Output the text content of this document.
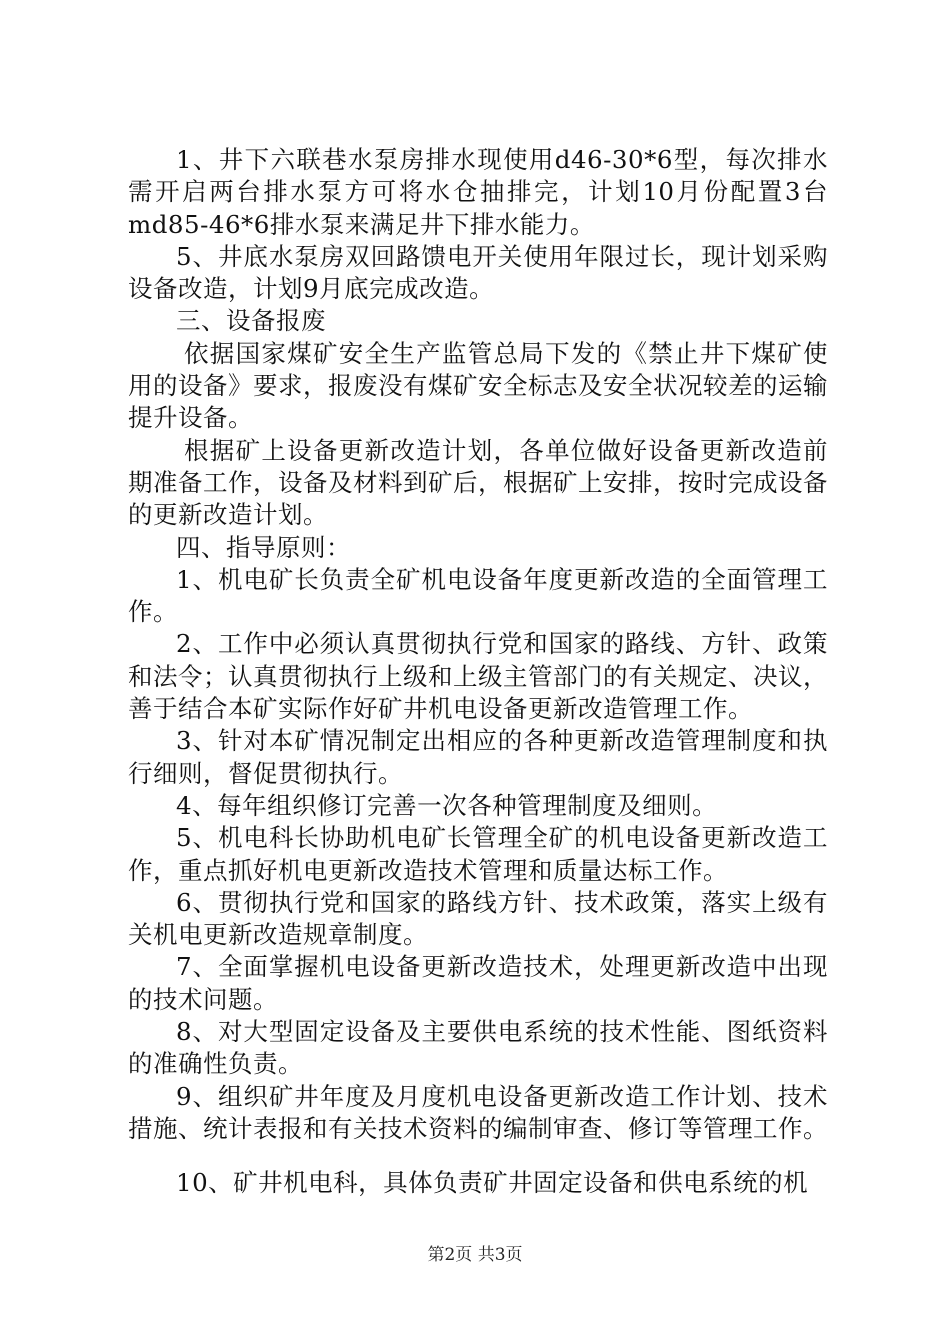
1、井下六联巷水泵房排水现使用d46-30*6型，每次排水需开启两台排水泵方可将水仓抽排完，计划10月份配置3台md85-46*6排水泵来满足井下排水能力。

5、井底水泵房双回路馈电开关使用年限过长，现计划采购设备改造，计划9月底完成改造。

三、设备报废

依据国家煤矿安全生产监管总局下发的《禁止井下煤矿使用的设备》要求，报废没有煤矿安全标志及安全状况较差的运输提升设备。

根据矿上设备更新改造计划，各单位做好设备更新改造前期准备工作，设备及材料到矿后，根据矿上安排，按时完成设备的更新改造计划。

四、指导原则：

1、机电矿长负责全矿机电设备年度更新改造的全面管理工作。

2、工作中必须认真贯彻执行党和国家的路线、方针、政策和法令；认真贯彻执行上级和上级主管部门的有关规定、决议，善于结合本矿实际作好矿井机电设备更新改造管理工作。

3、针对本矿情况制定出相应的各种更新改造管理制度和执行细则，督促贯彻执行。

4、每年组织修订完善一次各种管理制度及细则。

5、机电科长协助机电矿长管理全矿的机电设备更新改造工作，重点抓好机电更新改造技术管理和质量达标工作。

6、贯彻执行党和国家的路线方针、技术政策，落实上级有关机电更新改造规章制度。

7、全面掌握机电设备更新改造技术，处理更新改造中出现的技术问题。

8、对大型固定设备及主要供电系统的技术性能、图纸资料的准确性负责。

9、组织矿井年度及月度机电设备更新改造工作计划、技术措施、统计表报和有关技术资料的编制审查、修订等管理工作。

10、矿井机电科，具体负责矿井固定设备和供电系统的机

第2页 共3页
